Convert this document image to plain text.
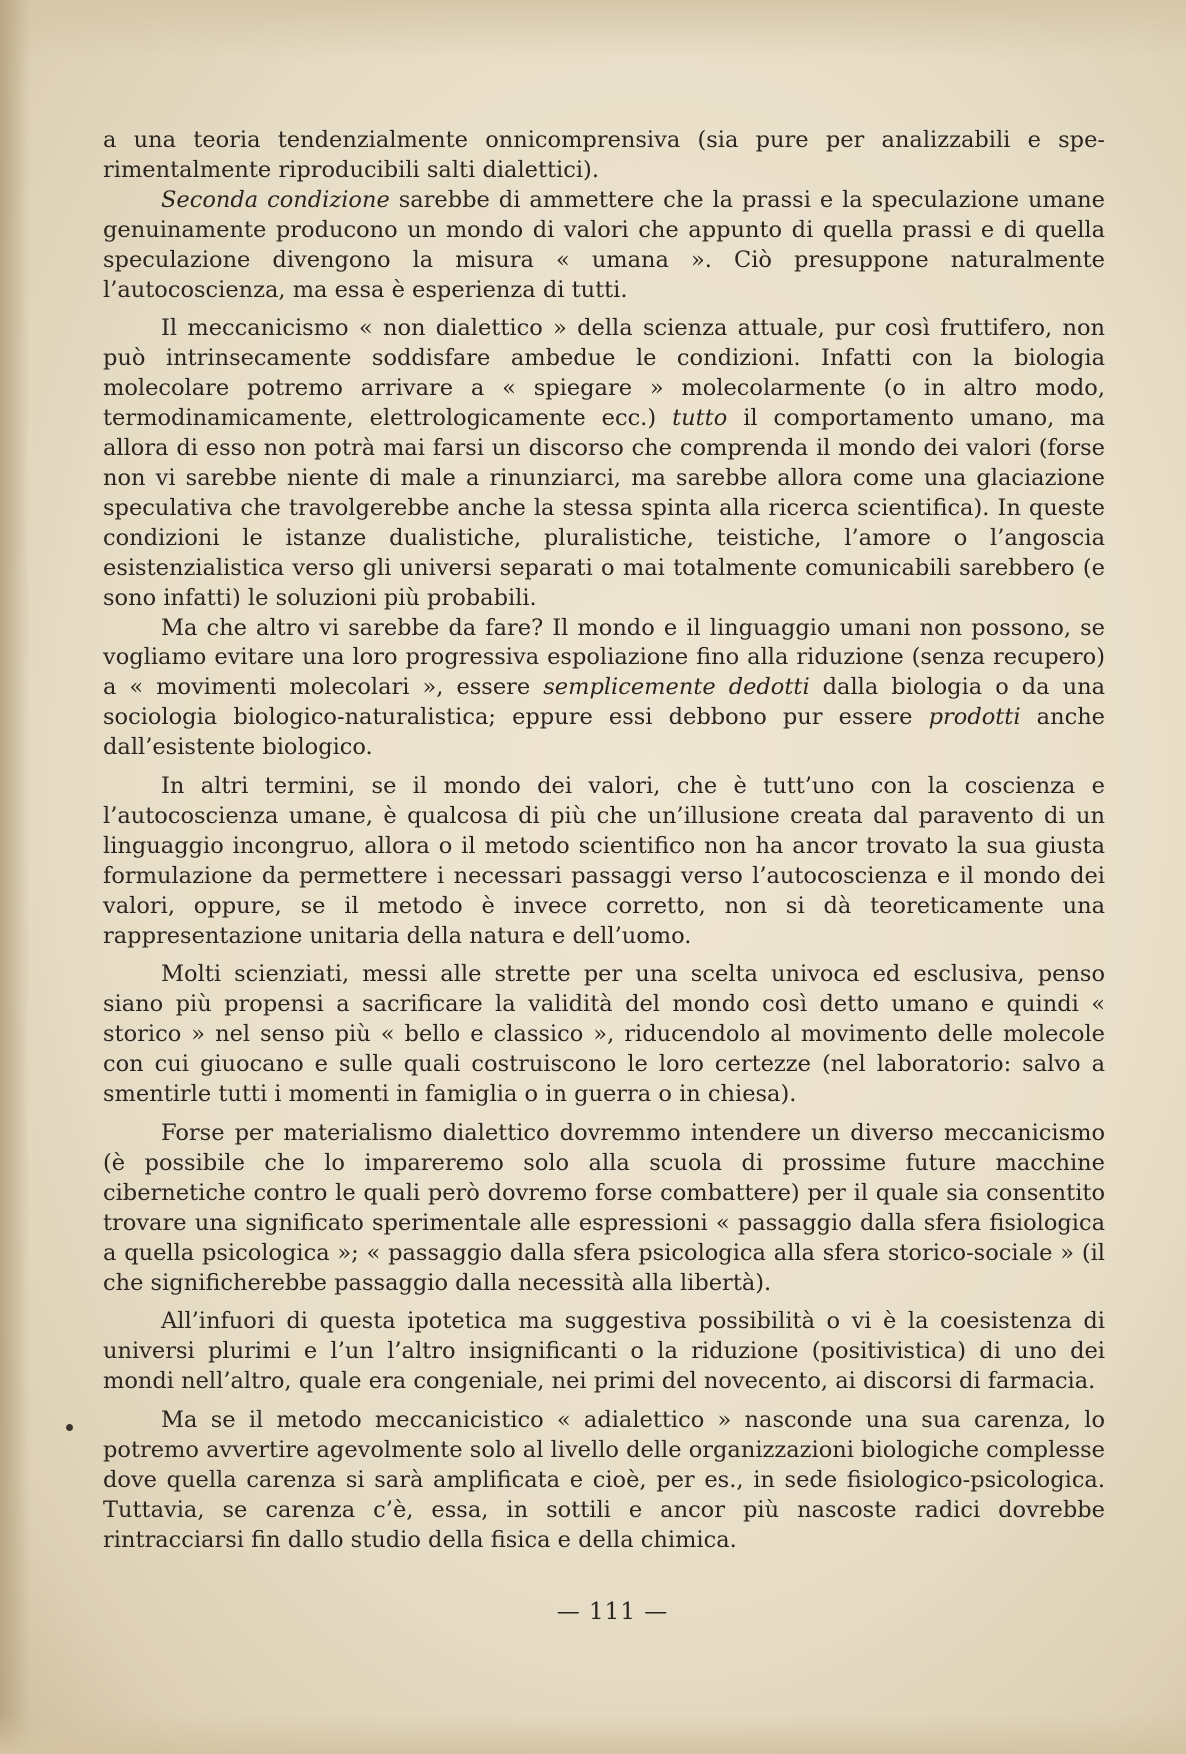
a una teoria tendenzialmente onnicomprensiva (sia pure per analizzabili e sperimentalmente riproducibili salti dialettici).

Seconda condizione sarebbe di ammettere che la prassi e la speculazione umane genuinamente producono un mondo di valori che appunto di quella prassi e di quella speculazione divengono la misura « umana ». Ciò presuppone naturalmente l’autocoscienza, ma essa è esperienza di tutti.

Il meccanicismo « non dialettico » della scienza attuale, pur così fruttifero, non può intrinsecamente soddisfare ambedue le condizioni. Infatti con la biologia molecolare potremo arrivare a « spiegare » molecolarmente (o in altro modo, termodinamicamente, elettrologicamente ecc.) tutto il comportamento umano, ma allora di esso non potrà mai farsi un discorso che comprenda il mondo dei valori (forse non vi sarebbe niente di male a rinunziarci, ma sarebbe allora come una glaciazione speculativa che travolgerebbe anche la stessa spinta alla ricerca scientifica). In queste condizioni le istanze dualistiche, pluralistiche, teistiche, l’amore o l’angoscia esistenzialistica verso gli universi separati o mai totalmente comunicabili sarebbero (e sono infatti) le soluzioni più probabili.

Ma che altro vi sarebbe da fare? Il mondo e il linguaggio umani non possono, se vogliamo evitare una loro progressiva espoliazione fino alla riduzione (senza recupero) a « movimenti molecolari », essere semplicemente dedotti dalla biologia o da una sociologia biologico-naturalistica; eppure essi debbono pur essere prodotti anche dall’esistente biologico.

In altri termini, se il mondo dei valori, che è tutt’uno con la coscienza e l’autocoscienza umane, è qualcosa di più che un’illusione creata dal paravento di un linguaggio incongruo, allora o il metodo scientifico non ha ancor trovato la sua giusta formulazione da permettere i necessari passaggi verso l’autocoscienza e il mondo dei valori, oppure, se il metodo è invece corretto, non si dà teoreticamente una rappresentazione unitaria della natura e dell’uomo.

Molti scienziati, messi alle strette per una scelta univoca ed esclusiva, penso siano più propensi a sacrificare la validità del mondo così detto umano e quindi « storico » nel senso più « bello e classico », riducendolo al movimento delle molecole con cui giuocano e sulle quali costruiscono le loro certezze (nel laboratorio: salvo a smentirle tutti i momenti in famiglia o in guerra o in chiesa).

Forse per materialismo dialettico dovremmo intendere un diverso meccanicismo (è possibile che lo impareremo solo alla scuola di prossime future macchine cibernetiche contro le quali però dovremo forse combattere) per il quale sia consentito trovare una significato sperimentale alle espressioni « passaggio dalla sfera fisiologica a quella psicologica »; « passaggio dalla sfera psicologica alla sfera storico-sociale » (il che significherebbe passaggio dalla necessità alla libertà).

All’infuori di questa ipotetica ma suggestiva possibilità o vi è la coesistenza di universi plurimi e l’un l’altro insignificanti o la riduzione (positivistica) di uno dei mondi nell’altro, quale era congeniale, nei primi del novecento, ai discorsi di farmacia.

Ma se il metodo meccanicistico « adialettico » nasconde una sua carenza, lo potremo avvertire agevolmente solo al livello delle organizzazioni biologiche complesse dove quella carenza si sarà amplificata e cioè, per es., in sede fisiologico-psicologica. Tuttavia, se carenza c’è, essa, in sottili e ancor più nascoste radici dovrebbe rintracciarsi fin dallo studio della fisica e della chimica.

— 111 —
